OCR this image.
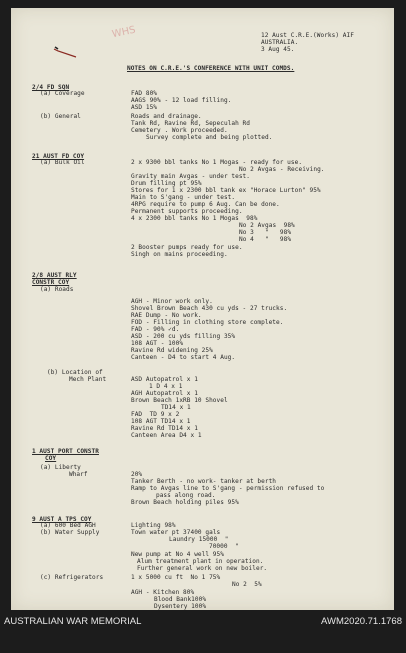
WHS	12 Aust C.R.E.(Works) AIF
AUSTRALIA.
3 Aug 45.
NOTES ON C.R.E.'S CONFERENCE WITH UNIT COMDS.
2/4 FD SQN
(a) Coverage	FAD 80%
AAGS 90% - 12 load filling.
ASD 15%
(b) General	Roads and drainage.
Tank Rd, Ravine Rd, Sepeculah Rd
Cemetery . Work proceeded.
Survey complete and being plotted.
21 AUST FD COY
(a) Bulk Oil	2 x 9300 bbl tanks No 1 Mogas - ready for use.
No 2 Avgas - Receiving.
Gravity main Avgas - under test.
Drum filling pt 95%
Stores for 1 x 2300 bbl tank ex "Horace Lurton" 95%
Main to S'gang - under test.
4RPG require to pump 6 Aug. Can be done.
Permanent supports proceeding.
4 x 2300 bbl tanks No 1 Mogas  98%
No 2 Avgas  98%
No 3   "   98%
No 4   "   98%
2 Booster pumps ready for use.
Singh on mains proceeding.
2/8 AUST RLY
CONSTR COY
(a) Roads
AGH - Minor work only.
Shovel Brown Beach 430 cu yds - 27 trucks.
RAE Dump - No work.
FOD - Filling in clothing store complete.
FAD - 90% ✓d.
ASD - 200 cu yds filling 35%
108 AGT - 100%
Ravine Rd widening 25%
Canteen - D4 to start 4 Aug.
(b) Location of
Mech Plant	ASD Autopatrol x 1
1 D 4 x 1
AGH Autopatrol x 1
Brown Beach 1xRB 10 Shovel
TD14 x 1
FAD  TD 9 x 2
108 AGT TD14 x 1
Ravine Rd TD14 x 1
Canteen Area D4 x 1
1 AUST PORT CONSTR
COY
(a) Liberty
Wharf	20%
Tanker Berth - no work- tanker at berth
Ramp to Avgas line to S'gang - permission refused to
pass along road.
Brown Beach holding piles 95%
9 AUST A TPS COY
(a) 600 Bed AGH	Lighting 98%
(b) Water Supply	Town water pt 37400 gals
Laundry 15000  "
70000  "
New pump at No 4 well 95%
Alum treatment plant in operation.
Further general work on new boiler.
(c) Refrigerators	1 x 5000 cu ft  No 1 75%
No 2  5%
AGH - Kitchen 80%
Blood Bank100%
Dysentery 100%
AUSTRALIAN WAR MEMORIAL	AWM2020.71.1768
